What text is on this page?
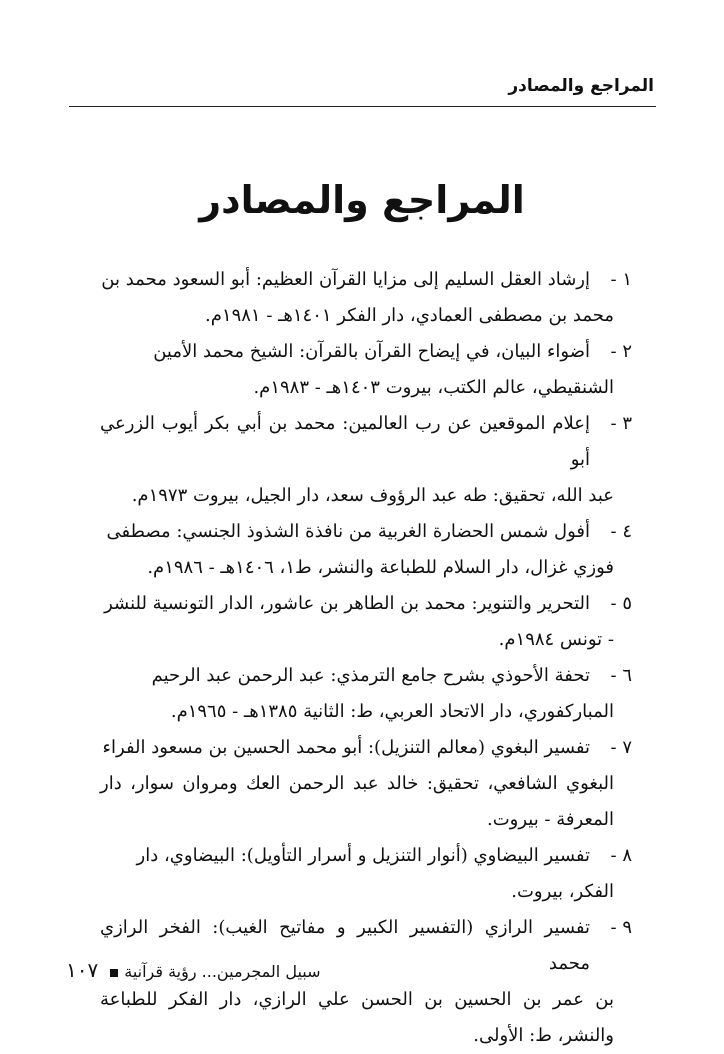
المراجع والمصادر
المراجع والمصادر
١ -
إرشاد العقل السليم إلى مزايا القرآن العظيم: أبو السعود محمد بن
محمد بن مصطفى العمادي، دار الفكر ١٤٠١هـ - ١٩٨١م.
٢ -
أضواء البيان، في إيضاح القرآن بالقرآن: الشيخ محمد الأمين
الشنقيطي، عالم الكتب، بيروت ١٤٠٣هـ - ١٩٨٣م.
٣ -
إعلام الموقعين عن رب العالمين: محمد بن أبي بكر أيوب الزرعي أبو
عبد الله، تحقيق: طه عبد الرؤوف سعد، دار الجيل، بيروت ١٩٧٣م.
٤ -
أفول شمس الحضارة الغربية من نافذة الشذوذ الجنسي: مصطفى
فوزي غزال، دار السلام للطباعة والنشر، ط١، ١٤٠٦هـ - ١٩٨٦م.
٥ -
التحرير والتنوير: محمد بن الطاهر بن عاشور، الدار التونسية للنشر
- تونس ١٩٨٤م.
٦ -
تحفة الأحوذي بشرح جامع الترمذي: عبد الرحمن عبد الرحيم
المباركفوري، دار الاتحاد العربي، ط: الثانية ١٣٨٥هـ - ١٩٦٥م.
٧ -
تفسير البغوي (معالم التنزيل): أبو محمد الحسين بن مسعود الفراء
البغوي الشافعي، تحقيق: خالد عبد الرحمن العك ومروان سوار، دار المعرفة - بيروت.
٨ -
تفسير البيضاوي (أنوار التنزيل و أسرار التأويل): البيضاوي، دار
الفكر، بيروت.
٩ -
تفسير الرازي (التفسير الكبير و مفاتيح الغيب): الفخر الرازي محمد
بن عمر بن الحسين بن الحسن علي الرازي، دار الفكر للطباعة والنشر، ط: الأولى.
سبيل المجرمين... رؤية قرآنية١٠٧
